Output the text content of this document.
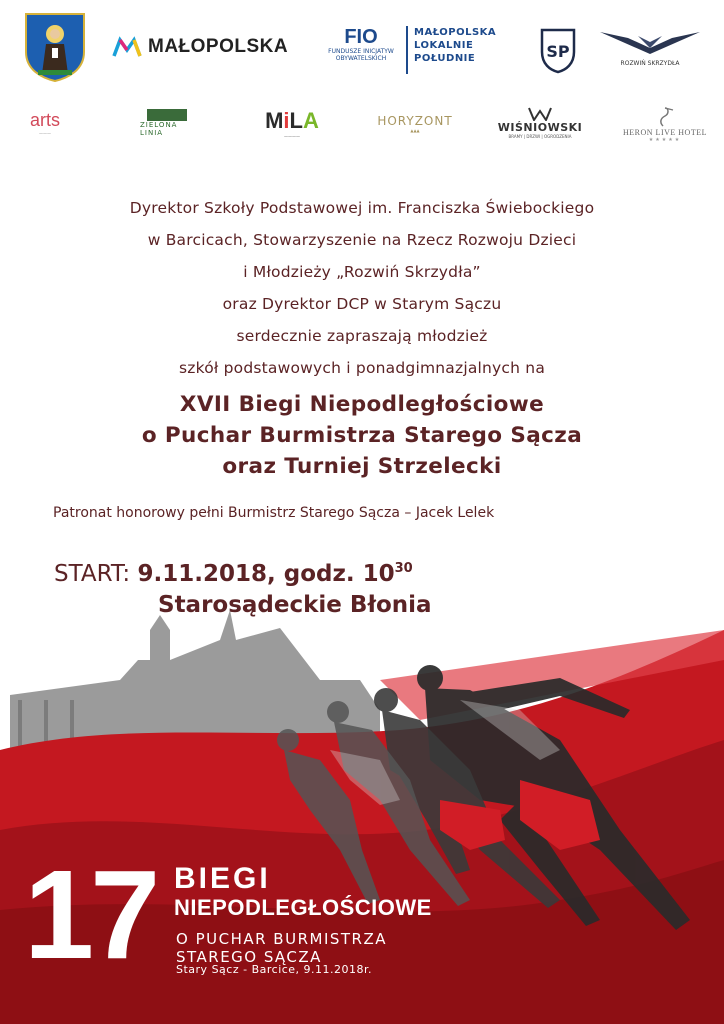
MAŁOPOLSKA	FIO
FUNDUSZE INICJATYW OBYWATELSKICH
MAŁOPOLSKA
LOKALNIE
POŁUDNIE	SP
ROZWIŃ SKRZYDŁA
arts
———
ZIELONA LINIA
MiLA
————
HORYZONT
▲▲▲	WIŚNIOWSKI
BRAMY | DRZWI | OGRODZENIA	HERON LIVE HOTEL
★★★★★
Dyrektor Szkoły Podstawowej im. Franciszka Świebockiego
w Barcicach, Stowarzyszenie na Rzecz Rozwoju Dzieci
i Młodzieży „Rozwiń Skrzydła”
oraz Dyrektor DCP w Starym Sączu
serdecznie zapraszają młodzież
szkół podstawowych i ponadgimnazjalnych na
XVII Biegi Niepodległościowe
o Puchar Burmistrza Starego Sącza
oraz Turniej Strzelecki
Patronat honorowy pełni Burmistrz Starego Sącza – Jacek Lelek
START: 9.11.2018, godz. $10^{30}$
Starosądeckie Błonia
17 BIEGI
NIEPODLEGŁOŚCIOWE
O PUCHAR BURMISTRZA
STAREGO SĄCZA
Stary Sącz - Barcice, 9.11.2018r.
